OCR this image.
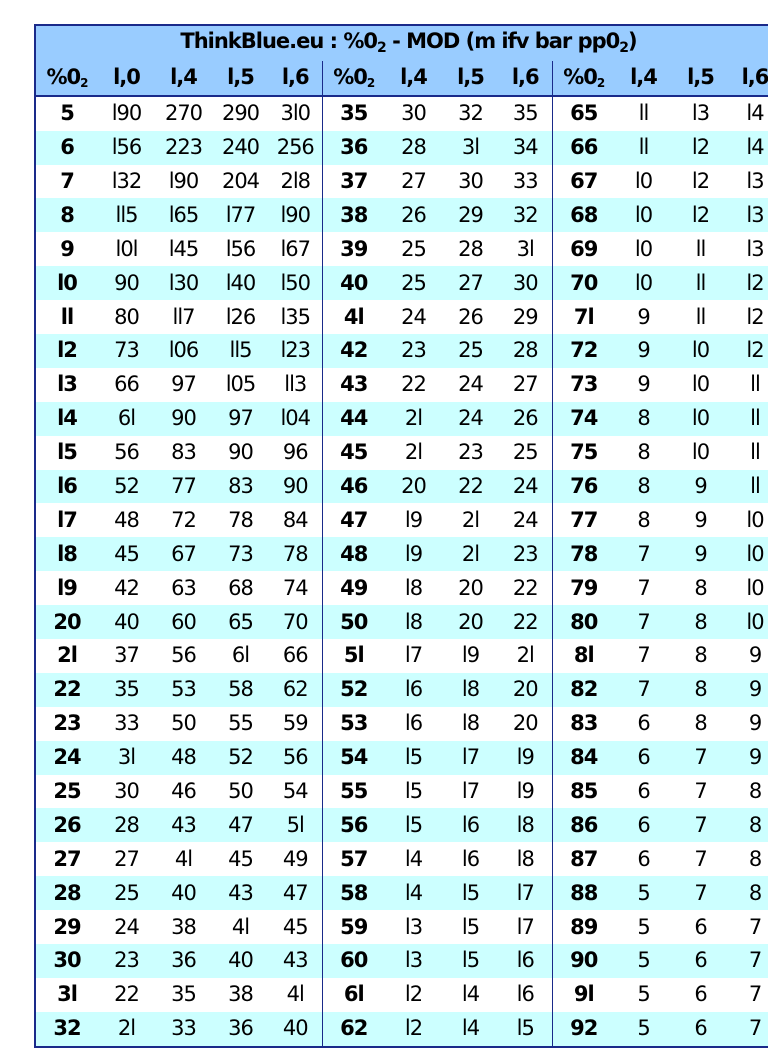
ThinkBlue.eu : $\%0_2$ - MOD (m ifv bar $pp0_2$)												
$\%0_2$	l,0	l,4	l,5	l,6	$\%0_2$	l,4	l,5	l,6	$\%0_2$	l,4	l,5	l,6
5	l90	270	290	3l0	35	30	32	35	65	ll	l3	l4
6	l56	223	240	256	36	28	3l	34	66	ll	l2	l4
7	l32	l90	204	2l8	37	27	30	33	67	l0	l2	l3
8	ll5	l65	l77	l90	38	26	29	32	68	l0	l2	l3
9	l0l	l45	l56	l67	39	25	28	3l	69	l0	ll	l3
l0	90	l30	l40	l50	40	25	27	30	70	l0	ll	l2
ll	80	ll7	l26	l35	4l	24	26	29	7l	9	ll	l2
l2	73	l06	ll5	l23	42	23	25	28	72	9	l0	l2
l3	66	97	l05	ll3	43	22	24	27	73	9	l0	ll
l4	6l	90	97	l04	44	2l	24	26	74	8	l0	ll
l5	56	83	90	96	45	2l	23	25	75	8	l0	ll
l6	52	77	83	90	46	20	22	24	76	8	9	ll
l7	48	72	78	84	47	l9	2l	24	77	8	9	l0
l8	45	67	73	78	48	l9	2l	23	78	7	9	l0
l9	42	63	68	74	49	l8	20	22	79	7	8	l0
20	40	60	65	70	50	l8	20	22	80	7	8	l0
2l	37	56	6l	66	5l	l7	l9	2l	8l	7	8	9
22	35	53	58	62	52	l6	l8	20	82	7	8	9
23	33	50	55	59	53	l6	l8	20	83	6	8	9
24	3l	48	52	56	54	l5	l7	l9	84	6	7	9
25	30	46	50	54	55	l5	l7	l9	85	6	7	8
26	28	43	47	5l	56	l5	l6	l8	86	6	7	8
27	27	4l	45	49	57	l4	l6	l8	87	6	7	8
28	25	40	43	47	58	l4	l5	l7	88	5	7	8
29	24	38	4l	45	59	l3	l5	l7	89	5	6	7
30	23	36	40	43	60	l3	l5	l6	90	5	6	7
3l	22	35	38	4l	6l	l2	l4	l6	9l	5	6	7
32	2l	33	36	40	62	l2	l4	l5	92	5	6	7
